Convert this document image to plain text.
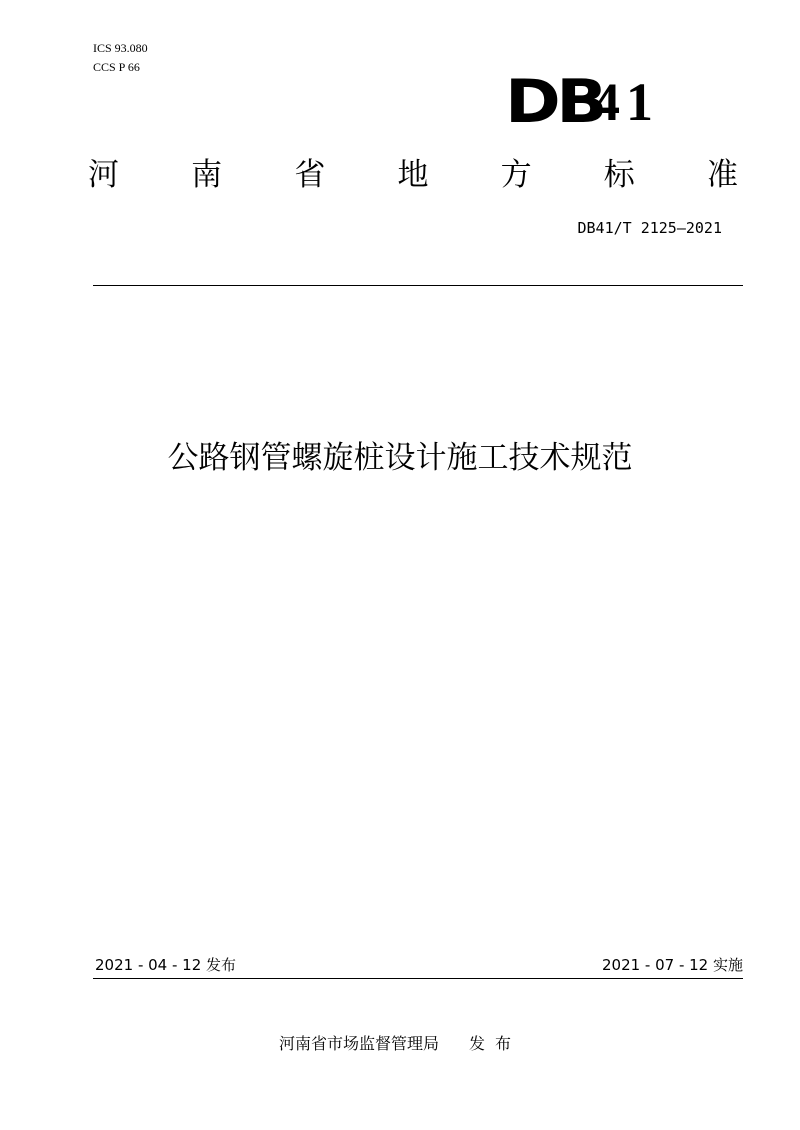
ICS 93.080
CCS P 66	DB
41
河 南 省 地 方 标 准
DB41/T 2125—2021
公路钢管螺旋桩设计施工技术规范
2021 - 04 - 12 发布	2021 - 07 - 12 实施
河南省市场监督管理局 发布
